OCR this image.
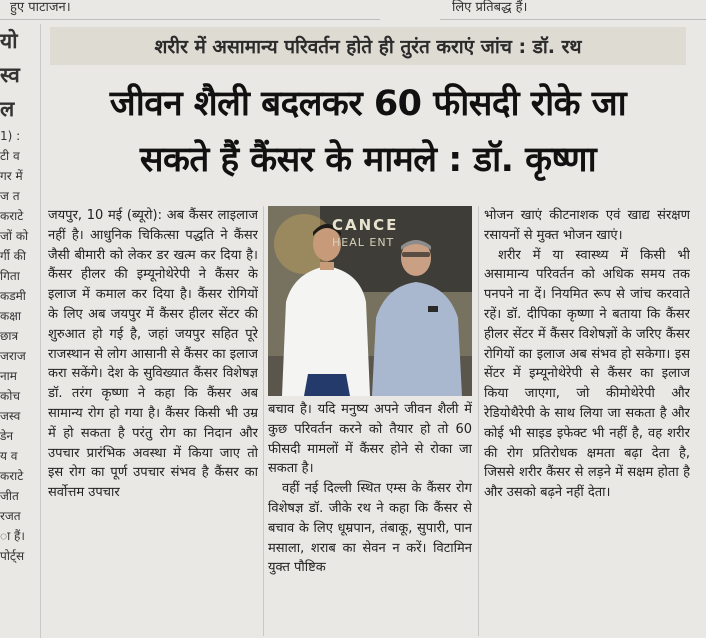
हुए पाटाजन।	लिए प्रतिबद्ध हैं।
यो
स्व
ल
1) :
टी व
गर में
ज त
कराटे
जों को
र्गी की
गिता
कडमी
कक्षा
छात्र
जराज
नाम
कोच
जस्व
डेन
य व
कराटे
जीत
रजत
ा हैं।
पोर्ट्स
शरीर में असामान्य परिवर्तन होते ही तुरंत कराएं जांच : डॉ. रथ
जीवन शैली बदलकर 60 फीसदी रोके जा
सकते हैं कैंसर के मामले : डॉ. कृष्णा

जयपुर, 10 मई (ब्यूरो): अब कैंसर लाइलाज नहीं है। आधुनिक चिकित्सा पद्धति ने कैंसर जैसी बीमारी को लेकर डर खत्म कर दिया है। कैंसर हीलर की इम्यूनोथेरेपी ने कैंसर के इलाज में कमाल कर दिया है। कैंसर रोगियों के लिए अब जयपुर में कैंसर हीलर सेंटर की शुरुआत हो गई है, जहां जयपुर सहित पूरे राजस्थान से लोग आसानी से कैंसर का इलाज करा सकेंगे। देश के सुविख्यात कैंसर विशेषज्ञ डॉ. तरंग कृष्णा ने कहा कि कैंसर अब सामान्य रोग हो गया है। कैंसर किसी भी उम्र में हो सकता है परंतु रोग का निदान और उपचार प्रारंभिक अवस्था में किया जाए तो इस रोग का पूर्ण उपचार संभव है कैंसर का सर्वोत्तम उपचार

CANCE
HEAL ENT

बचाव है। यदि मनुष्य अपने जीवन शैली में कुछ परिवर्तन करने को तैयार हो तो 60 फीसदी मामलों में कैंसर होने से रोका जा सकता है।

वहीं नई दिल्ली स्थित एम्स के कैंसर रोग विशेषज्ञ डॉ. जीके रथ ने कहा कि कैंसर से बचाव के लिए धूम्रपान, तंबाकू, सुपारी, पान मसाला, शराब का सेवन न करें। विटामिन युक्त पौष्टिक

भोजन खाएं कीटनाशक एवं खाद्य संरक्षण रसायनों से मुक्त भोजन खाएं।

शरीर में या स्वास्थ्य में किसी भी असामान्य परिवर्तन को अधिक समय तक पनपने ना दें। नियमित रूप से जांच करवाते रहें। डॉ. दीपिका कृष्णा ने बताया कि कैंसर हीलर सेंटर में कैंसर विशेषज्ञों के जरिए कैंसर रोगियों का इलाज अब संभव हो सकेगा। इस सेंटर में इम्यूनोथेरेपी से कैंसर का इलाज किया जाएगा, जो कीमोथेरेपी और रेडियोथैरेपी के साथ लिया जा सकता है और कोई भी साइड इफेक्ट भी नहीं है, वह शरीर की रोग प्रतिरोधक क्षमता बढ़ा देता है, जिससे शरीर कैंसर से लड़ने में सक्षम होता है और उसको बढ़ने नहीं देता।
